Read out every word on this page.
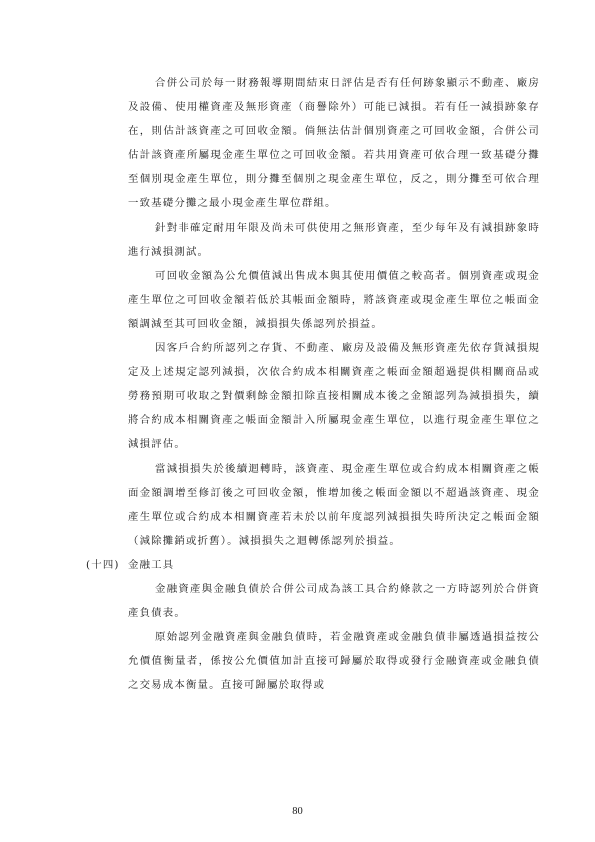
合併公司於每一財務報導期間結束日評估是否有任何跡象顯示不動產、廠房及設備、使用權資產及無形資產（商譽除外）可能已減損。若有任一減損跡象存在，則估計該資產之可回收金額。倘無法估計個別資產之可回收金額，合併公司估計該資產所屬現金產生單位之可回收金額。若共用資產可依合理一致基礎分攤至個別現金產生單位，則分攤至個別之現金產生單位，反之，則分攤至可依合理一致基礎分攤之最小現金產生單位群組。

針對非確定耐用年限及尚未可供使用之無形資產，至少每年及有減損跡象時進行減損測試。

可回收金額為公允價值減出售成本與其使用價值之較高者。個別資產或現金產生單位之可回收金額若低於其帳面金額時，將該資產或現金產生單位之帳面金額調減至其可回收金額，減損損失係認列於損益。

因客戶合約所認列之存貨、不動產、廠房及設備及無形資產先依存貨減損規定及上述規定認列減損，次依合約成本相關資產之帳面金額超過提供相關商品或勞務預期可收取之對價剩餘金額扣除直接相關成本後之金額認列為減損損失，續將合約成本相關資產之帳面金額計入所屬現金產生單位，以進行現金產生單位之減損評估。

當減損損失於後續迴轉時，該資產、現金產生單位或合約成本相關資產之帳面金額調增至修訂後之可回收金額，惟增加後之帳面金額以不超過該資產、現金產生單位或合約成本相關資產若未於以前年度認列減損損失時所決定之帳面金額（減除攤銷或折舊）。減損損失之迴轉係認列於損益。

(十四) 金融工具

金融資產與金融負債於合併公司成為該工具合約條款之一方時認列於合併資產負債表。

原始認列金融資產與金融負債時，若金融資產或金融負債非屬透過損益按公允價值衡量者，係按公允價值加計直接可歸屬於取得或發行金融資產或金融負債之交易成本衡量。直接可歸屬於取得或

80
